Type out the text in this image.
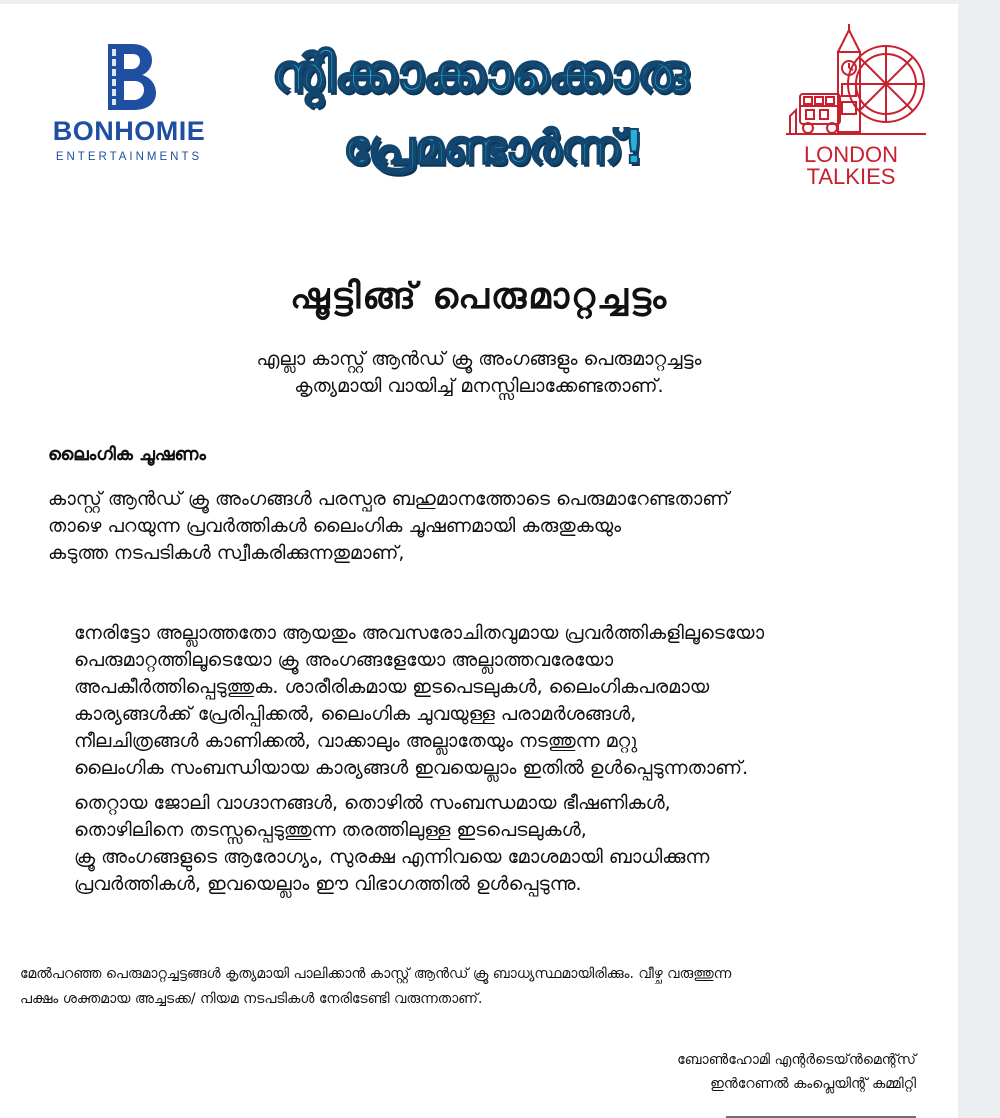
BONHOMIE
ENTERTAINMENTS
ന്റിക്കാക്കാക്കൊരു
പ്രേമണ്ടാർന്ന്!	LONDON
TALKIES
ഷൂട്ടിങ്ങ് പെരുമാറ്റച്ചട്ടം
എല്ലാ കാസ്റ്റ് ആൻഡ് ക്രൂ അംഗങ്ങളും പെരുമാറ്റച്ചട്ടം
കൃത്യമായി വായിച്ച് മനസ്സിലാക്കേണ്ടതാണ്.
ലൈംഗിക ചൂഷണം
കാസ്റ്റ് ആൻഡ് ക്രൂ അംഗങ്ങൾ പരസ്പര ബഹുമാനത്തോടെ പെരുമാറേണ്ടതാണ്
താഴെ പറയുന്ന പ്രവർത്തികൾ ലൈംഗിക ചൂഷണമായി കരുതുകയും
കടുത്ത നടപടികൾ സ്വീകരിക്കുന്നതുമാണ്,
നേരിട്ടോ അല്ലാത്തതോ ആയതും അവസരോചിതവുമായ പ്രവർത്തികളിലൂടെയോ
പെരുമാറ്റത്തിലൂടെയോ ക്രൂ അംഗങ്ങളേയോ അല്ലാത്തവരേയോ
അപകീർത്തിപ്പെടുത്തുക. ശാരീരികമായ ഇടപെടലുകൾ, ലൈംഗികപരമായ
കാര്യങ്ങൾക്ക് പ്രേരിപ്പിക്കൽ, ലൈംഗിക ചുവയുള്ള പരാമർശങ്ങൾ,
നീലചിത്രങ്ങൾ കാണിക്കൽ, വാക്കാലും അല്ലാതേയും നടത്തുന്ന മറ്റു
ലൈംഗിക സംബന്ധിയായ കാര്യങ്ങൾ ഇവയെല്ലാം ഇതിൽ ഉൾപ്പെടുന്നതാണ്.
തെറ്റായ ജോലി വാഗ്ദാനങ്ങൾ, തൊഴിൽ സംബന്ധമായ ഭീഷണികൾ,
തൊഴിലിനെ തടസ്സപ്പെടുത്തുന്ന തരത്തിലുള്ള ഇടപെടലുകൾ,
ക്രൂ അംഗങ്ങളുടെ ആരോഗ്യം, സുരക്ഷ എന്നിവയെ മോശമായി ബാധിക്കുന്ന
പ്രവർത്തികൾ, ഇവയെല്ലാം ഈ വിഭാഗത്തിൽ ഉൾപ്പെടുന്നു.
മേൽപറഞ്ഞ പെരുമാറ്റച്ചട്ടങ്ങൾ കൃത്യമായി പാലിക്കാൻ കാസ്റ്റ് ആൻഡ് ക്രൂ ബാധ്യസ്ഥമായിരിക്കും. വീഴ്ച വരുത്തുന്ന
പക്ഷം ശക്തമായ അച്ചടക്ക/ നിയമ നടപടികൾ നേരിടേണ്ടി വരുന്നതാണ്.
ബോൺഹോമി എന്റർടെയ്ൻമെന്റ്സ്
ഇൻറേണൽ കംപ്ലെയിന്റ് കമ്മിറ്റി
